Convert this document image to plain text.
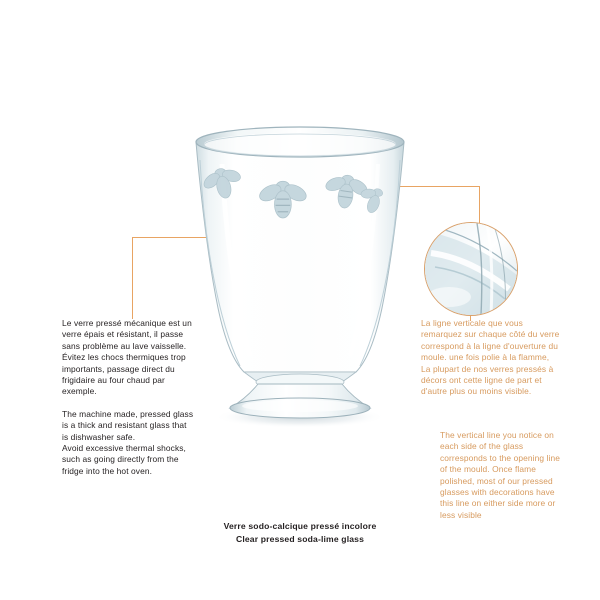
Le verre pressé mécanique est un verre épais et résistant, il passe sans problème au lave vaisselle. Évitez les chocs thermiques trop importants, passage direct du frigidaire au four chaud par exemple.
The machine made, pressed glass is a thick and resistant glass that is dishwasher safe.
Avoid excessive thermal shocks, such as going directly from the fridge into the hot oven.
La ligne verticale que vous remarquez sur chaque côté du verre correspond à la ligne d'ouverture du moule. une fois polie à la flamme, La plupart de nos verres pressés à décors ont cette ligne de part et d'autre plus ou moins visible.
The vertical line you notice on each side of the glass corresponds to the opening line of the mould. Once flame polished, most of our pressed glasses with decorations have this line on either side more or less visible
Verre sodo-calcique pressé incolore
Clear pressed soda-lime glass
